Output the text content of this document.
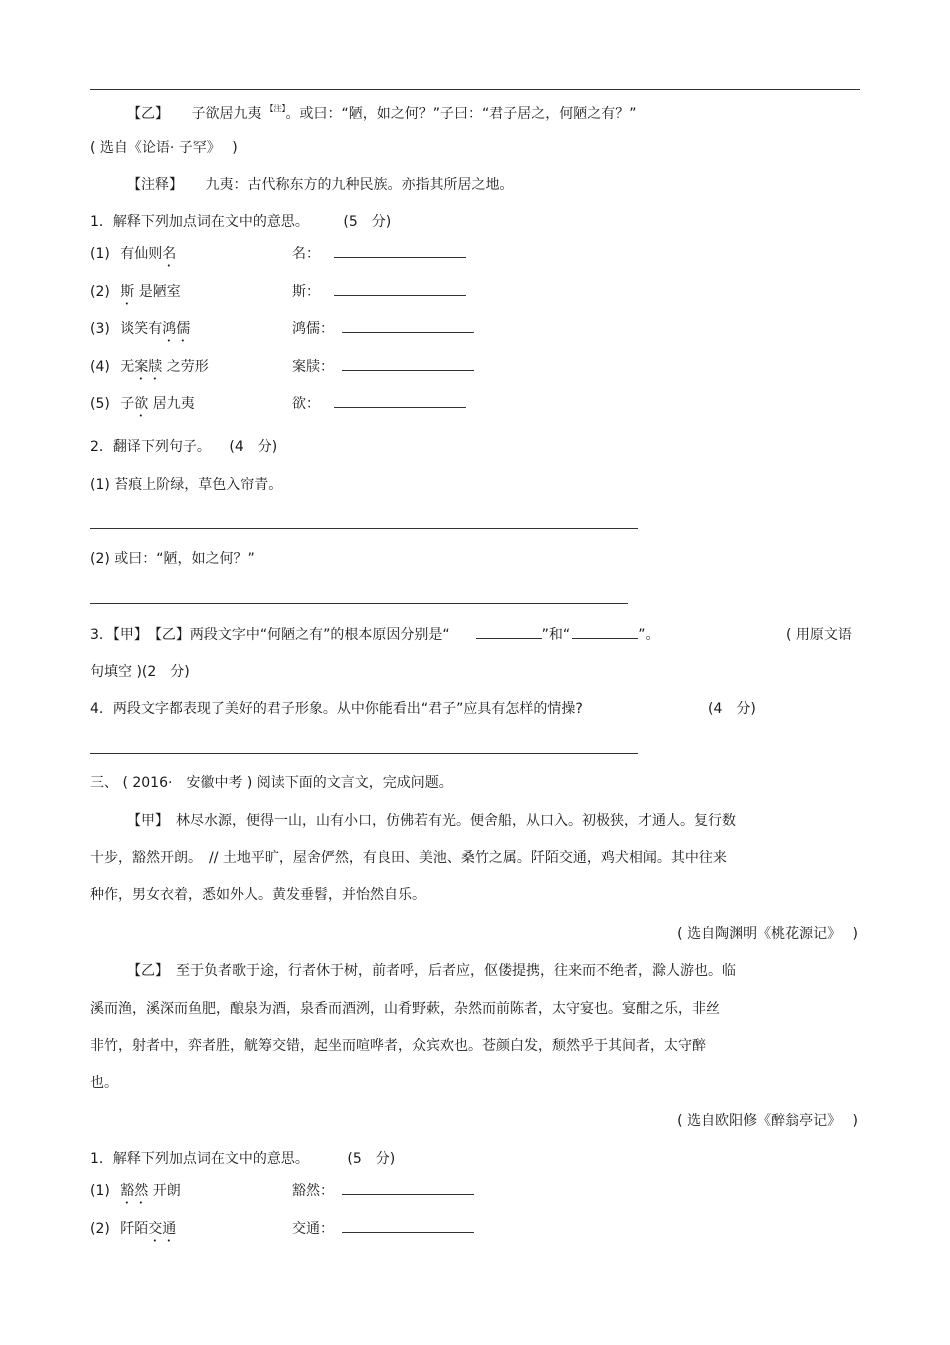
【乙】 子欲居九夷 $^{【注】}$。或曰：“陋，如之何？”子曰：“君子居之，何陋之有？”
( 选自《论语· 子罕》　 )
【注释】 九夷：古代称东方的九种民族。亦指其所居之地。
1．解释下列加点词在文中的意思。 (5　分)
(1) 有仙则名	名：
(2) 斯 是陋室	斯：
(3) 谈笑有鸿儒	鸿儒：
(4) 无案牍 之劳形	案牍：
(5) 子欲 居九夷	欲：
2．翻译下列句子。 (4　分)
(1) 苔痕上阶绿，草色入帘青。
(2) 或曰：“陋，如之何？”
3．【甲】　【乙】两段文字中“何陋之有”的根本原因分别是“	”和“	”。	( 用原文语
句填空 )(2　分)
4．两段文字都表现了美好的君子形象。从中你能看出“君子”应具有怎样的情操?	(4　分)
三、 ( 2016·　安徽中考 ) 阅读下面的文言文，完成问题。
【甲】　林尽水源，便得一山，山有小口，仿佛若有光。便舍船，从口入。初极狭，才通人。复行数
十步，豁然开朗。　// 土地平旷，屋舍俨然，有良田、美池、桑竹之属。阡陌交通，鸡犬相闻。其中往来
种作，男女衣着，悉如外人。黄发垂髫，并怡然自乐。
( 选自陶渊明《桃花源记》　 )
【乙】　至于负者歌于途，行者休于树，前者呼，后者应，伛偻提携，往来而不绝者，滁人游也。临
溪而渔，溪深而鱼肥，酿泉为酒，泉香而酒洌，山肴野蔌，杂然而前陈者，太守宴也。宴酣之乐，非丝
非竹，射者中，弈者胜，觥筹交错，起坐而喧哗者，众宾欢也。苍颜白发，颓然乎于其间者，太守醉
也。
( 选自欧阳修《醉翁亭记》　 )
1．解释下列加点词在文中的意思。	(5　分)
(1) 豁然 开朗	豁然：
(2) 阡陌交通	交通：
